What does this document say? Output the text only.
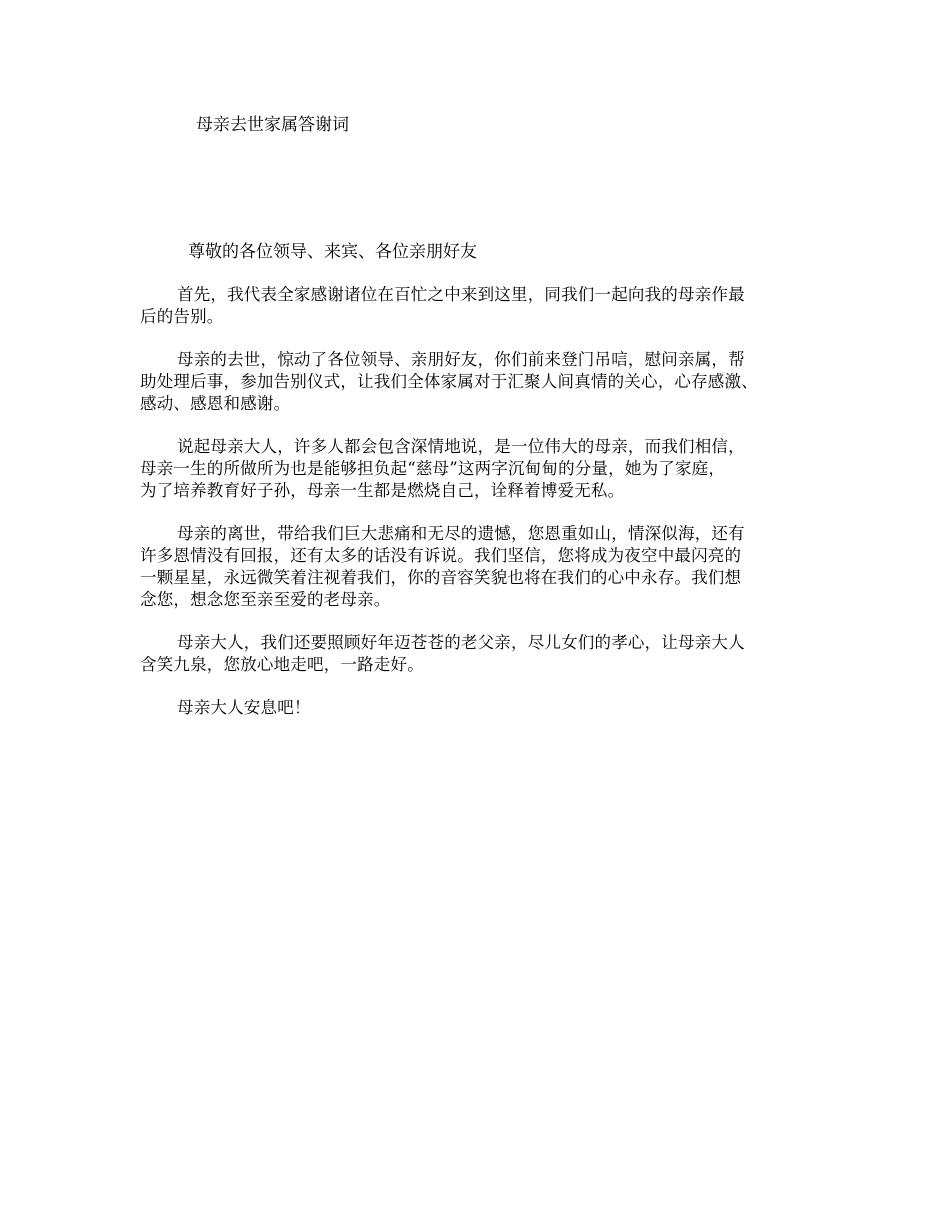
母亲去世家属答谢词
尊敬的各位领导、来宾、各位亲朋好友

首先，我代表全家感谢诸位在百忙之中来到这里，同我们一起向我的母亲作最
后的告别。

母亲的去世，惊动了各位领导、亲朋好友，你们前来登门吊唁，慰问亲属，帮
助处理后事，参加告别仪式，让我们全体家属对于汇聚人间真情的关心，心存感激、
感动、感恩和感谢。

说起母亲大人，许多人都会包含深情地说，是一位伟大的母亲，而我们相信，
母亲一生的所做所为也是能够担负起“慈母”这两字沉甸甸的分量，她为了家庭，
为了培养教育好子孙，母亲一生都是燃烧自己，诠释着博爱无私。

母亲的离世，带给我们巨大悲痛和无尽的遗憾，您恩重如山，情深似海，还有
许多恩情没有回报，还有太多的话没有诉说。我们坚信，您将成为夜空中最闪亮的
一颗星星，永远微笑着注视着我们，你的音容笑貌也将在我们的心中永存。我们想
念您，想念您至亲至爱的老母亲。

母亲大人，我们还要照顾好年迈苍苍的老父亲，尽儿女们的孝心，让母亲大人
含笑九泉，您放心地走吧，一路走好。

母亲大人安息吧！
